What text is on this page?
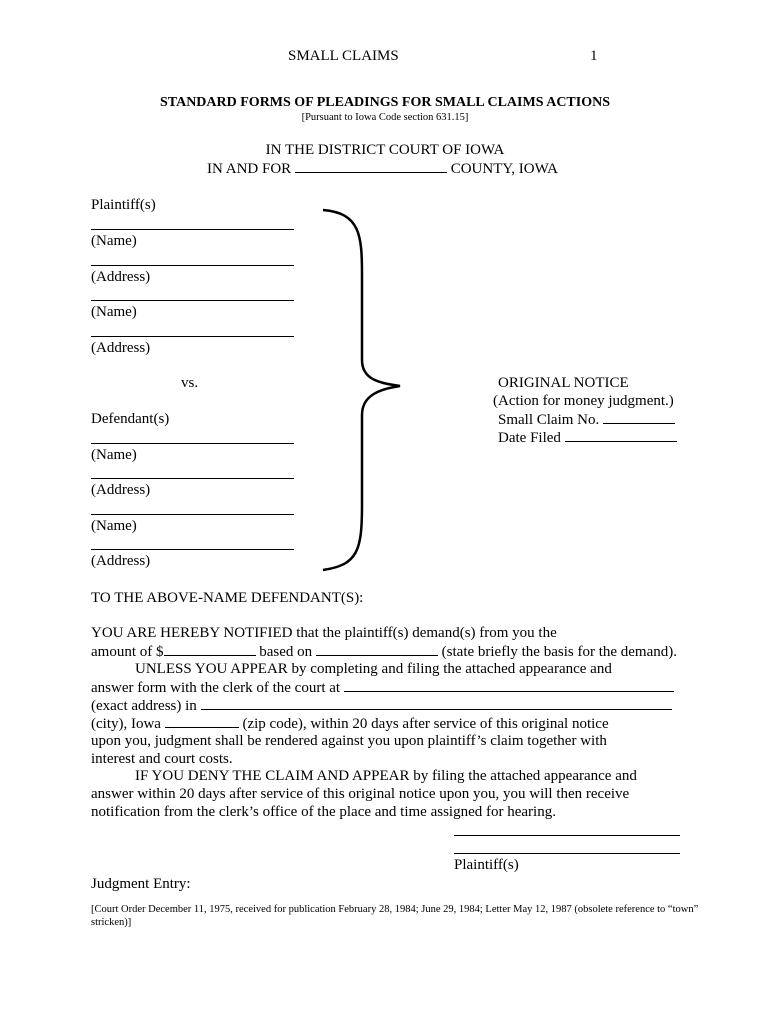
SMALL CLAIMS	1
STANDARD FORMS OF PLEADINGS FOR SMALL CLAIMS ACTIONS
[Pursuant to Iowa Code section 631.15]
IN THE DISTRICT COURT OF IOWA
IN AND FOR	COUNTY, IOWA
Plaintiff(s)
(Name)
(Address)
(Name)
(Address)
vs.
Defendant(s)
(Name)
(Address)
(Name)
(Address)
ORIGINAL NOTICE
(Action for money judgment.)
Small Claim No.
Date Filed
TO THE ABOVE-NAME DEFENDANT(S):
YOU ARE HEREBY NOTIFIED that the plaintiff(s) demand(s) from you the
amount of $	based on	(state briefly the basis for the demand).
UNLESS YOU APPEAR by completing and filing the attached appearance and
answer form with the clerk of the court at
(exact address) in
(city), Iowa	(zip code), within 20 days after service of this original notice
upon you, judgment shall be rendered against you upon plaintiff’s claim together with
interest and court costs.
IF YOU DENY THE CLAIM AND APPEAR by filing the attached appearance and
answer within 20 days after service of this original notice upon you, you will then receive
notification from the clerk’s office of the place and time assigned for hearing.
Plaintiff(s)
Judgment Entry:
[Court Order December 11, 1975, received for publication February 28, 1984; June 29, 1984; Letter May 12, 1987 (obsolete reference to “town”
stricken)]
